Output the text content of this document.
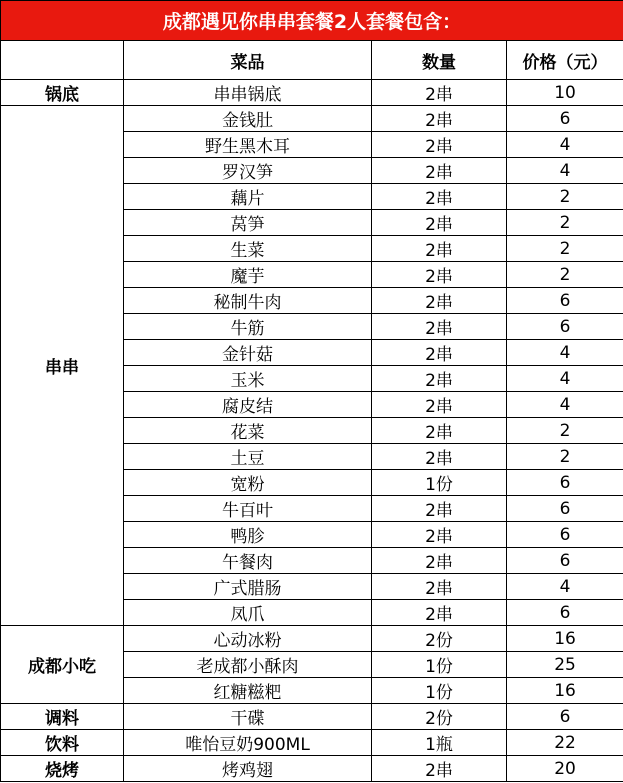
成都遇见你串串套餐2人套餐包含：			
	菜品	数量	价格（元）
锅底	串串锅底	2串	10
串串	金钱肚	2串	6
	野生黑木耳	2串	4
	罗汉笋	2串	4
	藕片	2串	2
	莴笋	2串	2
	生菜	2串	2
	魔芋	2串	2
	秘制牛肉	2串	6
	牛筋	2串	6
	金针菇	2串	4
	玉米	2串	4
	腐皮结	2串	4
	花菜	2串	2
	土豆	2串	2
	宽粉	1份	6
	牛百叶	2串	6
	鸭胗	2串	6
	午餐肉	2串	6
	广式腊肠	2串	4
	凤爪	2串	6
成都小吃	心动冰粉	2份	16
	老成都小酥肉	1份	25
	红糖糍粑	1份	16
调料	干碟	2份	6
饮料	唯怡豆奶900ML	1瓶	22
烧烤	烤鸡翅	2串	20
